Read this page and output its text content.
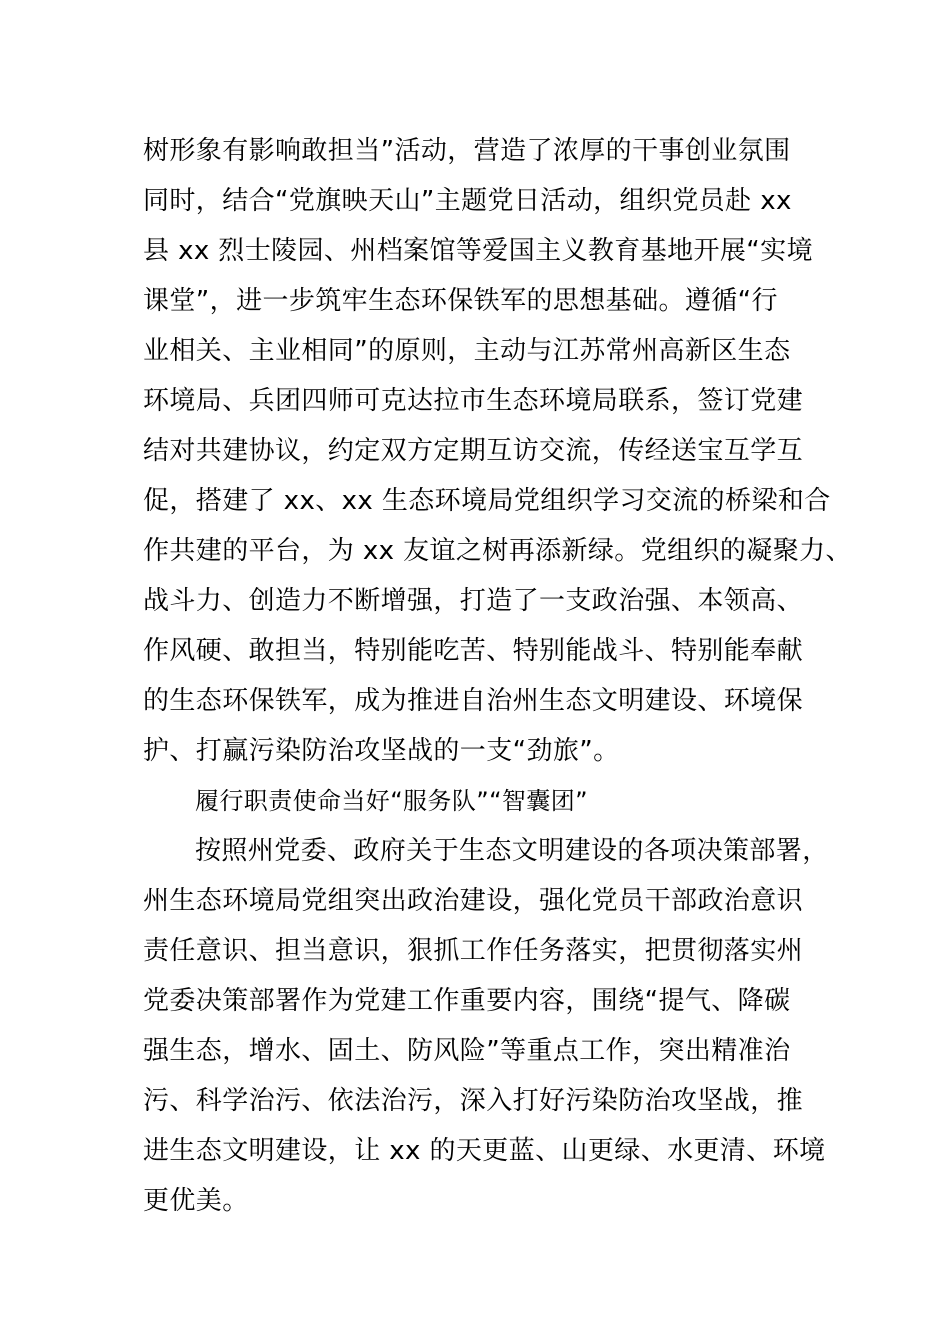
树形象有影响敢担当”活动，营造了浓厚的干事创业氛围
同时，结合“党旗映天山”主题党日活动，组织党员赴 xx
县 xx 烈士陵园、州档案馆等爱国主义教育基地开展“实境
课堂”，进一步筑牢生态环保铁军的思想基础。遵循“行
业相关、主业相同”的原则，主动与江苏常州高新区生态
环境局、兵团四师可克达拉市生态环境局联系，签订党建
结对共建协议，约定双方定期互访交流，传经送宝互学互
促，搭建了 xx、xx 生态环境局党组织学习交流的桥梁和合
作共建的平台，为 xx 友谊之树再添新绿。党组织的凝聚力、
战斗力、创造力不断增强，打造了一支政治强、本领高、
作风硬、敢担当，特别能吃苦、特别能战斗、特别能奉献
的生态环保铁军，成为推进自治州生态文明建设、环境保
护、打赢污染防治攻坚战的一支“劲旅”。
履行职责使命当好“服务队”“智囊团”
按照州党委、政府关于生态文明建设的各项决策部署，
州生态环境局党组突出政治建设，强化党员干部政治意识
责任意识、担当意识，狠抓工作任务落实，把贯彻落实州
党委决策部署作为党建工作重要内容，围绕“提气、降碳
强生态，增水、固土、防风险”等重点工作，突出精准治
污、科学治污、依法治污，深入打好污染防治攻坚战，推
进生态文明建设，让 xx 的天更蓝、山更绿、水更清、环境
更优美。
